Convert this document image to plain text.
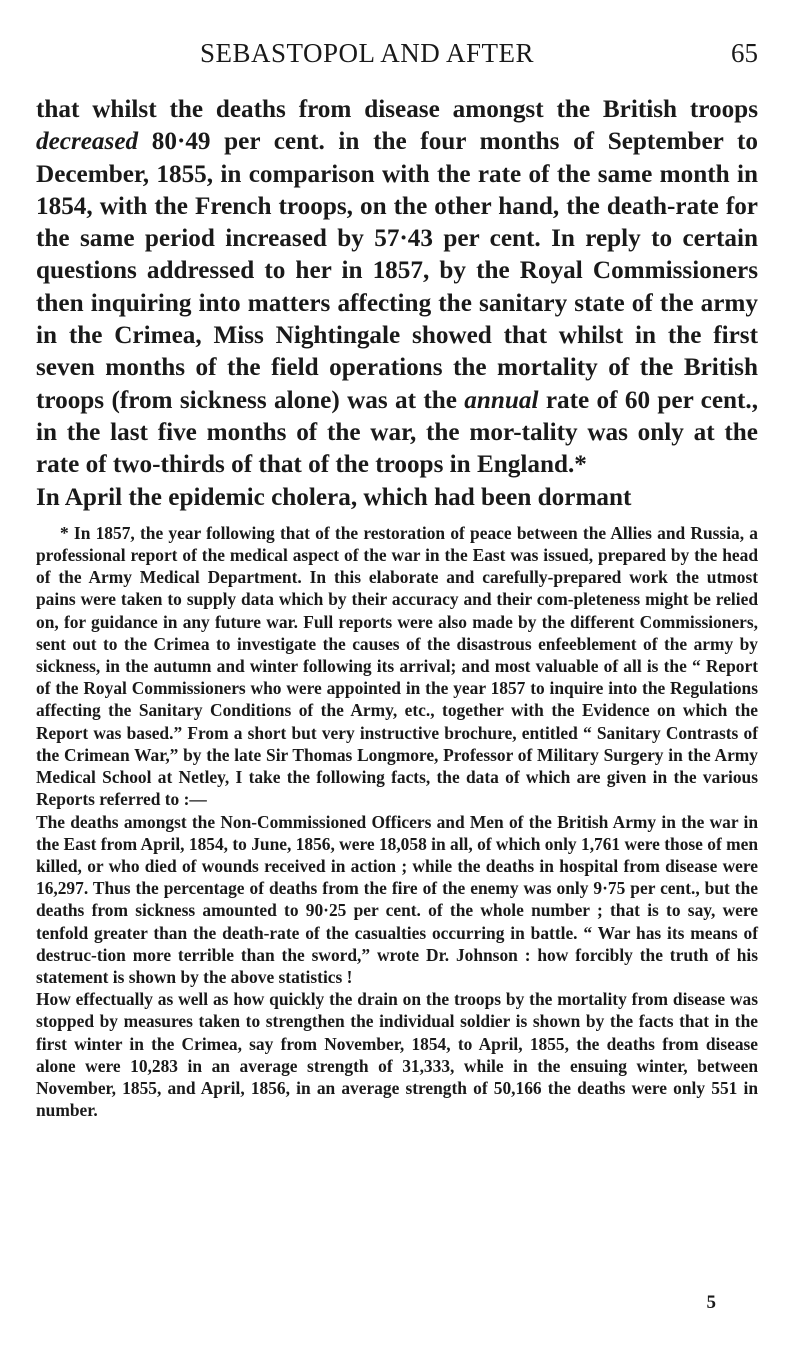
SEBASTOPOL AND AFTER	65

that whilst the deaths from disease amongst the British troops decreased 80·49 per cent. in the four months of September to December, 1855, in comparison with the rate of the same month in 1854, with the French troops, on the other hand, the death-rate for the same period increased by 57·43 per cent. In reply to certain questions addressed to her in 1857, by the Royal Commissioners then inquiring into matters affecting the sanitary state of the army in the Crimea, Miss Nightingale showed that whilst in the first seven months of the field operations the mortality of the British troops (from sickness alone) was at the annual rate of 60 per cent., in the last five months of the war, the mor-tality was only at the rate of two-thirds of that of the troops in England.*

In April the epidemic cholera, which had been dormant

* In 1857, the year following that of the restoration of peace between the Allies and Russia, a professional report of the medical aspect of the war in the East was issued, prepared by the head of the Army Medical Department. In this elaborate and carefully-prepared work the utmost pains were taken to supply data which by their accuracy and their com-pleteness might be relied on, for guidance in any future war. Full reports were also made by the different Commissioners, sent out to the Crimea to investigate the causes of the disastrous enfeeblement of the army by sickness, in the autumn and winter following its arrival; and most valuable of all is the “ Report of the Royal Commissioners who were appointed in the year 1857 to inquire into the Regulations affecting the Sanitary Conditions of the Army, etc., together with the Evidence on which the Report was based.” From a short but very instructive brochure, entitled “ Sanitary Contrasts of the Crimean War,” by the late Sir Thomas Longmore, Professor of Military Surgery in the Army Medical School at Netley, I take the following facts, the data of which are given in the various Reports referred to :—

The deaths amongst the Non-Commissioned Officers and Men of the British Army in the war in the East from April, 1854, to June, 1856, were 18,058 in all, of which only 1,761 were those of men killed, or who died of wounds received in action ; while the deaths in hospital from disease were 16,297. Thus the percentage of deaths from the fire of the enemy was only 9·75 per cent., but the deaths from sickness amounted to 90·25 per cent. of the whole number ; that is to say, were tenfold greater than the death-rate of the casualties occurring in battle. “ War has its means of destruc-tion more terrible than the sword,” wrote Dr. Johnson : how forcibly the truth of his statement is shown by the above statistics !

How effectually as well as how quickly the drain on the troops by the mortality from disease was stopped by measures taken to strengthen the individual soldier is shown by the facts that in the first winter in the Crimea, say from November, 1854, to April, 1855, the deaths from disease alone were 10,283 in an average strength of 31,333, while in the ensuing winter, between November, 1855, and April, 1856, in an average strength of 50,166 the deaths were only 551 in number.

5
